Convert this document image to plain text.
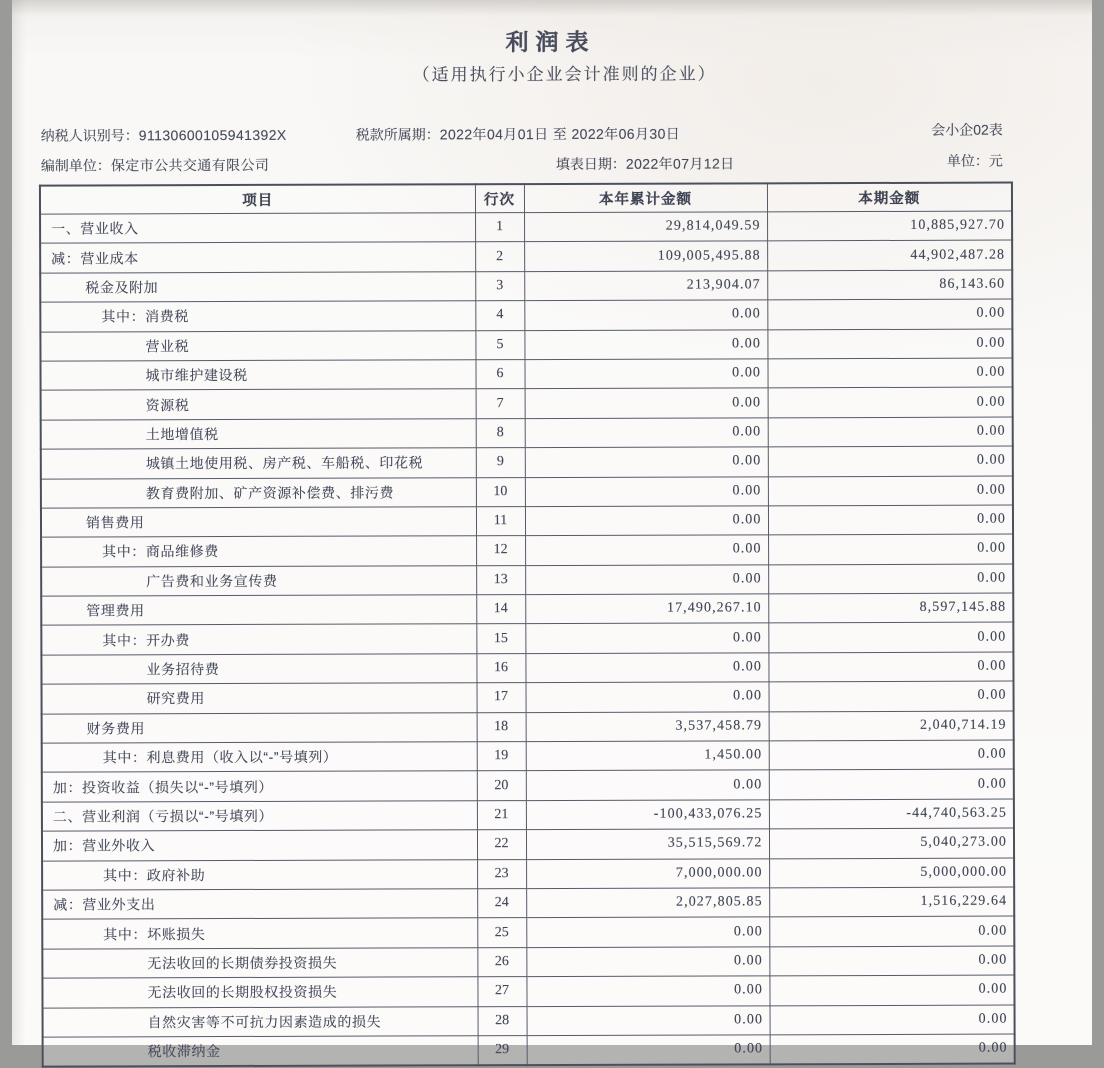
利润表
（适用执行小企业会计准则的企业）
纳税人识别号：91130600105941392X	税款所属期：2022年04月01日 至 2022年06月30日	会小企02表
编制单位：保定市公共交通有限公司	填表日期：2022年07月12日	单位：元
项目	行次	本年累计金额	本期金额
一、营业收入	1	29,814,049.59	10,885,927.70
减：营业成本	2	109,005,495.88	44,902,487.28
税金及附加	3	213,904.07	86,143.60
其中：消费税	4	0.00	0.00
营业税	5	0.00	0.00
城市维护建设税	6	0.00	0.00
资源税	7	0.00	0.00
土地增值税	8	0.00	0.00
城镇土地使用税、房产税、车船税、印花税	9	0.00	0.00
教育费附加、矿产资源补偿费、排污费	10	0.00	0.00
销售费用	11	0.00	0.00
其中：商品维修费	12	0.00	0.00
广告费和业务宣传费	13	0.00	0.00
管理费用	14	17,490,267.10	8,597,145.88
其中：开办费	15	0.00	0.00
业务招待费	16	0.00	0.00
研究费用	17	0.00	0.00
财务费用	18	3,537,458.79	2,040,714.19
其中：利息费用（收入以“-”号填列）	19	1,450.00	0.00
加：投资收益（损失以“-”号填列）	20	0.00	0.00
二、营业利润（亏损以“-”号填列）	21	-100,433,076.25	-44,740,563.25
加：营业外收入	22	35,515,569.72	5,040,273.00
其中：政府补助	23	7,000,000.00	5,000,000.00
减：营业外支出	24	2,027,805.85	1,516,229.64
其中：坏账损失	25	0.00	0.00
无法收回的长期债券投资损失	26	0.00	0.00
无法收回的长期股权投资损失	27	0.00	0.00
自然灾害等不可抗力因素造成的损失	28	0.00	0.00
税收滞纳金	29	0.00	0.00
